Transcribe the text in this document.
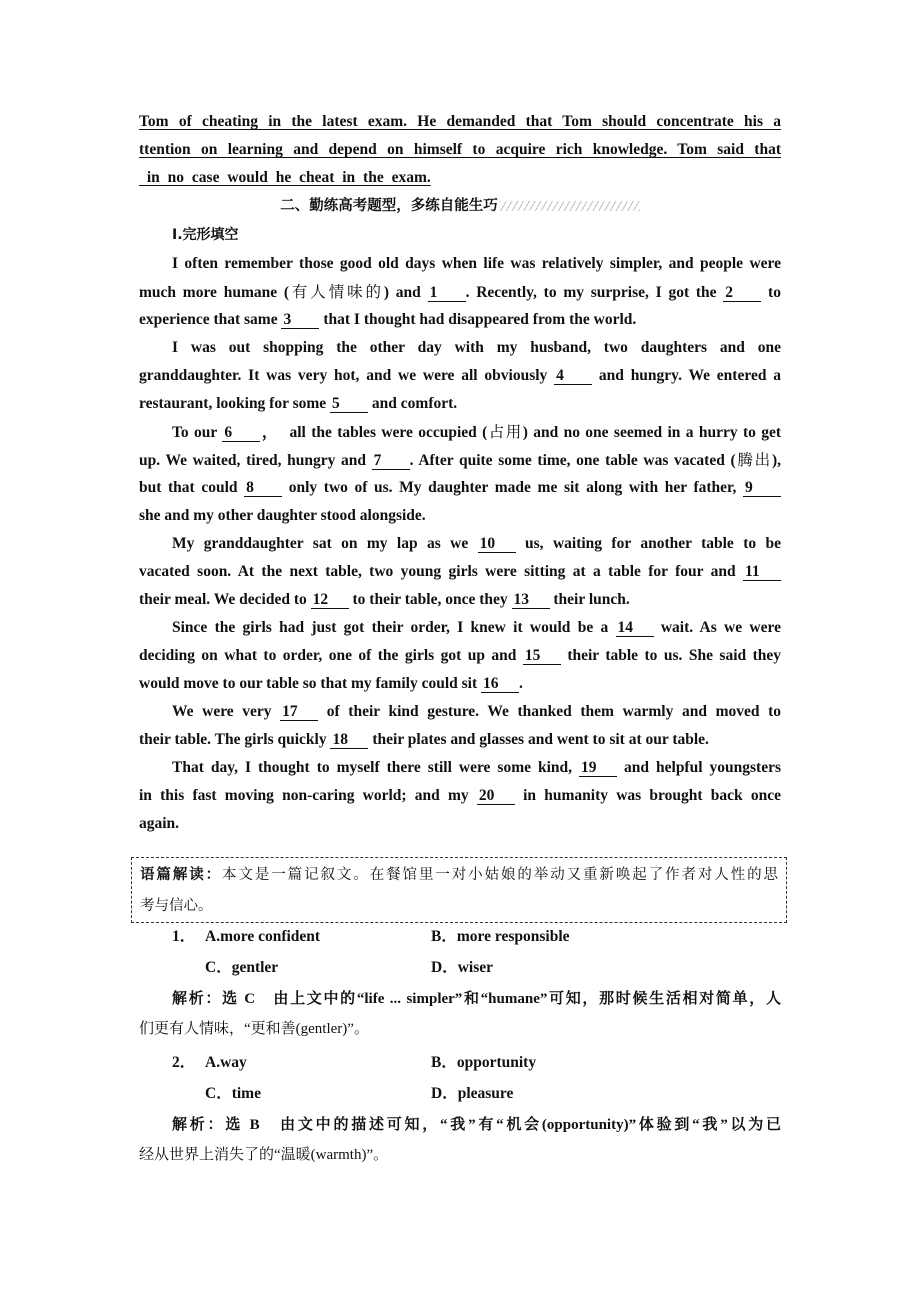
Tom of cheating in the latest exam. He demanded that Tom should concentrate his a
ttention on learning and depend on himself to acquire rich knowledge. Tom said that
in no case would he cheat in the exam.
二、勤练高考题型，多练自能生巧
Ⅰ.完形填空
I often remember those good old days when life was relatively simpler, and people were
much more humane (有人情味的) and 1 . Recently, to my surprise, I got the 2 to
experience that same 3 that I thought had disappeared from the world.
I was out shopping the other day with my husband, two daughters and one
granddaughter. It was very hot, and we were all obviously 4 and hungry. We entered a
restaurant, looking for some 5 and comfort.
To our 6 ，  all the tables were occupied (占用) and no one seemed in a hurry to get
up. We waited, tired, hungry and 7 . After quite some time, one table was vacated (腾出),
but that could 8 only two of us. My daughter made me sit along with her father, 9
she and my other daughter stood alongside.
My granddaughter sat on my lap as we 10 us, waiting for another table to be
vacated soon. At the next table, two young girls were sitting at a table for four and 11
their meal. We decided to 12 to their table, once they 13 their lunch.
Since the girls had just got their order, I knew it would be a 14 wait. As we were
deciding on what to order, one of the girls got up and 15 their table to us. She said they
would move to our table so that my family could sit 16 .
We were very 17 of their kind gesture. We thanked them warmly and moved to
their table. The girls quickly 18 their plates and glasses and went to sit at our table.
That day, I thought to myself there still were some kind, 19 and helpful youngsters
in this fast moving non-caring world; and my 20 in humanity was brought back once
again.
语篇解读：本文是一篇记叙文。在餐馆里一对小姑娘的举动又重新唤起了作者对人性的思
考与信心。
1． A.more confident	B．more responsible
C．gentler	D．wiser
解析：选 C　由上文中的“life ... simpler”和“humane”可知，那时候生活相对简单，人
们更有人情味，“更和善(gentler)”。
2． A.way	B．opportunity
C．time	D．pleasure
解析：选 B　由文中的描述可知，“我”有“机会(opportunity)”体验到“我”以为已
经从世界上消失了的“温暖(warmth)”。
